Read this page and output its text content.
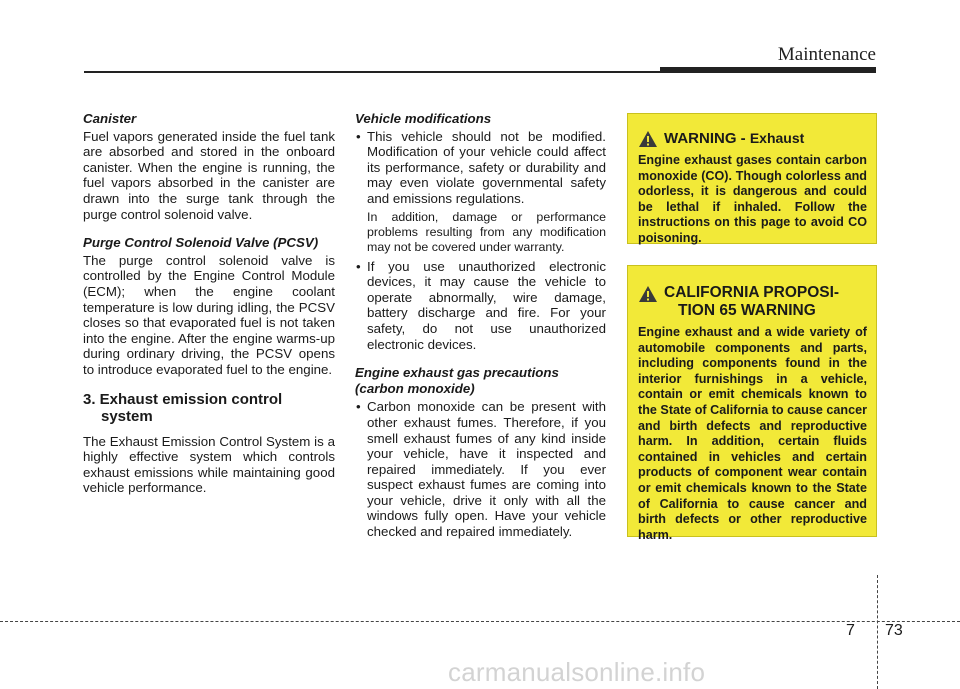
Maintenance
Canister
Fuel vapors generated inside the fuel tank are absorbed and stored in the onboard canister. When the engine is running, the fuel vapors absorbed in the canister are drawn into the surge tank through the purge control solenoid valve.
Purge Control Solenoid Valve (PCSV)
The purge control solenoid valve is controlled by the Engine Control Module (ECM); when the engine coolant temperature is low during idling, the PCSV closes so that evaporated fuel is not taken into the engine. After the engine warms-up during ordinary driving, the PCSV opens to introduce evaporated fuel to the engine.
3. Exhaust emission control
system
The Exhaust Emission Control System is a highly effective system which controls exhaust emissions while maintaining good vehicle performance.
Vehicle modifications
• This vehicle should not be modified. Modification of your vehicle could affect its performance, safety or durability and may even violate governmental safety and emissions regulations.
In addition, damage or performance problems resulting from any modification may not be covered under warranty.
• If you use unauthorized electronic devices, it may cause the vehicle to operate abnormally, wire damage, battery discharge and fire. For your safety, do not use unauthorized electronic devices.
Engine exhaust gas precautions
(carbon monoxide)
• Carbon monoxide can be present with other exhaust fumes. Therefore, if you smell exhaust fumes of any kind inside your vehicle, have it inspected and repaired immediately. If you ever suspect exhaust fumes are coming into your vehicle, drive it only with all the windows fully open. Have your vehicle checked and repaired immediately.
WARNING - Exhaust
Engine exhaust gases contain carbon monoxide (CO). Though colorless and odorless, it is dangerous and could be lethal if inhaled. Follow the instructions on this page to avoid CO poisoning.
CALIFORNIA PROPOSI-
TION 65 WARNING
Engine exhaust and a wide variety of automobile components and parts, including components found in the interior furnishings in a vehicle, contain or emit chemicals known to the State of California to cause cancer and birth defects and reproductive harm. In addition, certain fluids contained in vehicles and certain products of component wear contain or emit chemicals known to the State of California to cause cancer and birth defects or other reproductive harm.
7 73
carmanualsonline.info
